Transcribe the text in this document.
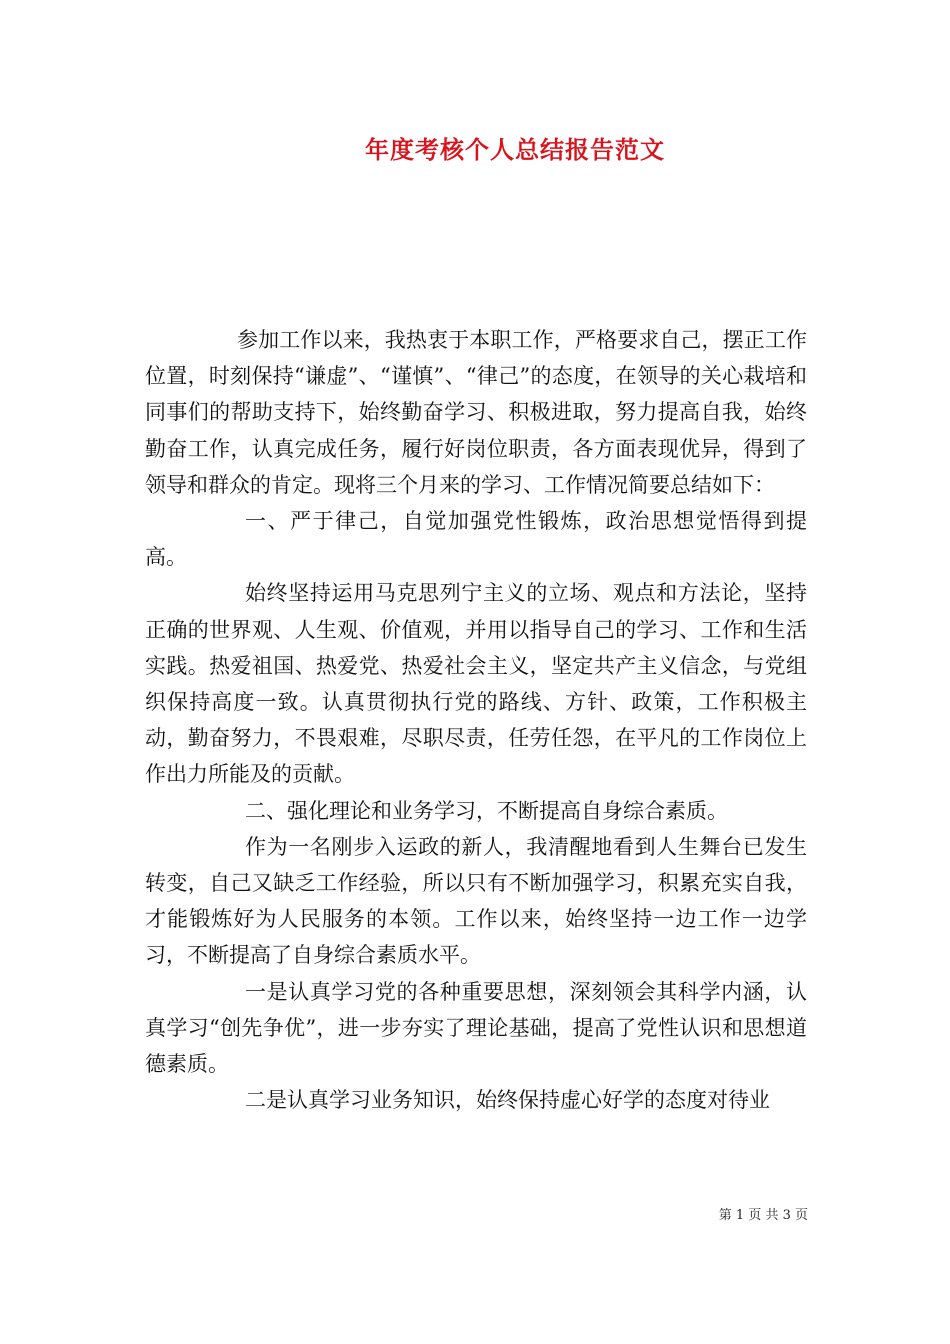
年度考核个人总结报告范文

参加工作以来，我热衷于本职工作，严格要求自己，摆正工作位置，时刻保持“谦虚”、“谨慎”、“律己”的态度，在领导的关心栽培和同事们的帮助支持下，始终勤奋学习、积极进取，努力提高自我，始终勤奋工作，认真完成任务，履行好岗位职责，各方面表现优异，得到了领导和群众的肯定。现将三个月来的学习、工作情况简要总结如下：

一、严于律己，自觉加强党性锻炼，政治思想觉悟得到提高。

始终坚持运用马克思列宁主义的立场、观点和方法论，坚持正确的世界观、人生观、价值观，并用以指导自己的学习、工作和生活实践。热爱祖国、热爱党、热爱社会主义，坚定共产主义信念，与党组织保持高度一致。认真贯彻执行党的路线、方针、政策，工作积极主动，勤奋努力，不畏艰难，尽职尽责，任劳任怨，在平凡的工作岗位上作出力所能及的贡献。

二、强化理论和业务学习，不断提高自身综合素质。

作为一名刚步入运政的新人，我清醒地看到人生舞台已发生转变，自己又缺乏工作经验，所以只有不断加强学习，积累充实自我，才能锻炼好为人民服务的本领。工作以来，始终坚持一边工作一边学习，不断提高了自身综合素质水平。

一是认真学习党的各种重要思想，深刻领会其科学内涵，认真学习“创先争优”，进一步夯实了理论基础，提高了党性认识和思想道德素质。

二是认真学习业务知识，始终保持虚心好学的态度对待业

第 1 页 共 3 页
